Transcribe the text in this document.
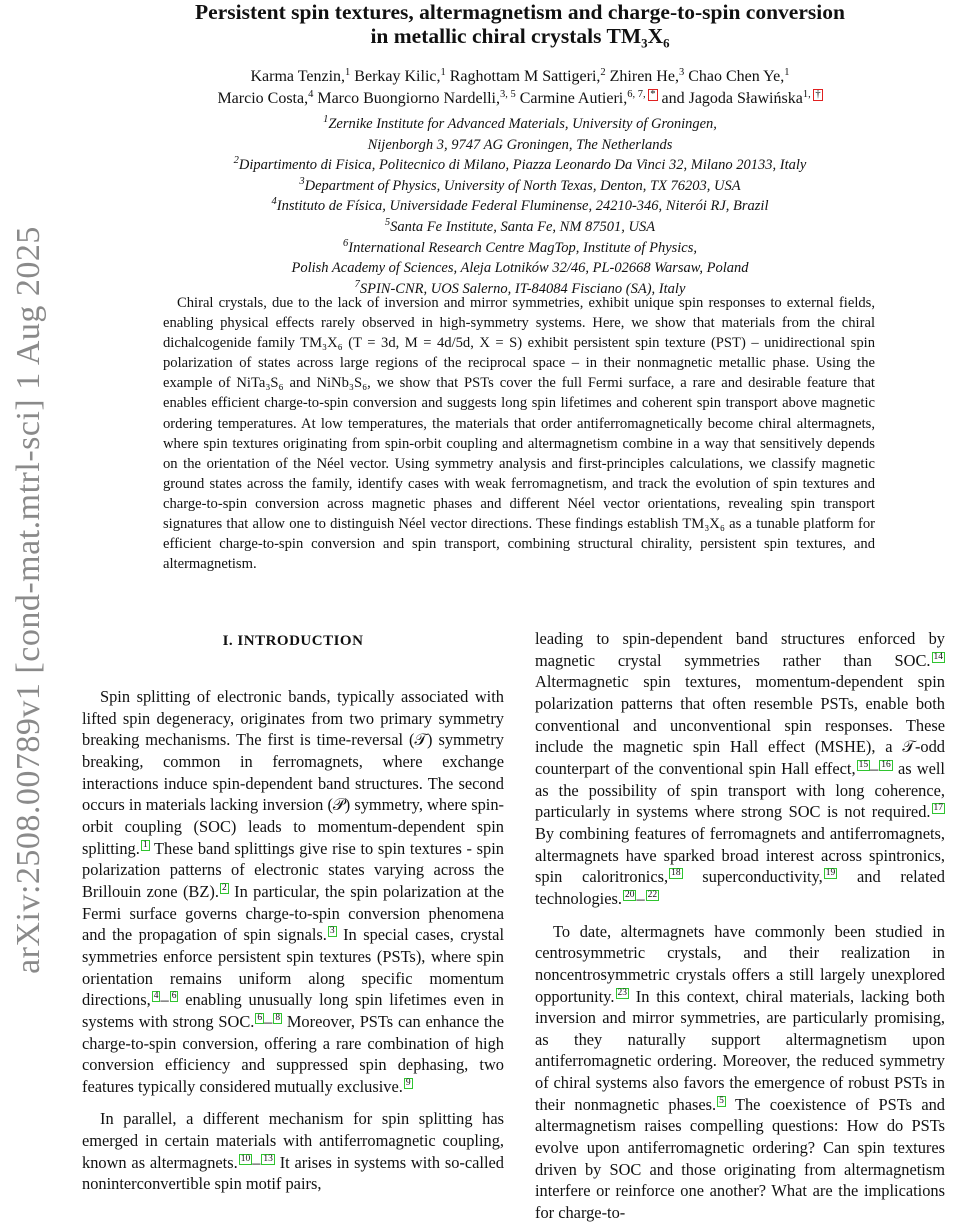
arXiv:2508.00789v1 [cond-mat.mtrl-sci] 1 Aug 2025
Persistent spin textures, altermagnetism and charge-to-spin conversion
in metallic chiral crystals TM₃X₆
Karma Tenzin,$^1$ Berkay Kilic,$^1$ Raghottam M Sattigeri,$^2$ Zhiren He,$^3$ Chao Chen Ye,$^1$
Marcio Costa,$^4$ Marco Buongiorno Nardelli,$^{3, 5}$ Carmine Autieri,$^{6, 7,}$ * and Jagoda Sławińska$^{1,}$ †
$^1$Zernike Institute for Advanced Materials, University of Groningen,
Nijenborgh 3, 9747 AG Groningen, The Netherlands
$^2$Dipartimento di Fisica, Politecnico di Milano, Piazza Leonardo Da Vinci 32, Milano 20133, Italy
$^3$Department of Physics, University of North Texas, Denton, TX 76203, USA
$^4$Instituto de Física, Universidade Federal Fluminense, 24210-346, Niterói RJ, Brazil
$^5$Santa Fe Institute, Santa Fe, NM 87501, USA
$^6$International Research Centre MagTop, Institute of Physics,
Polish Academy of Sciences, Aleja Lotników 32/46, PL-02668 Warsaw, Poland
$^7$SPIN-CNR, UOS Salerno, IT-84084 Fisciano (SA), Italy
Chiral crystals, due to the lack of inversion and mirror symmetries, exhibit unique spin responses to external fields, enabling physical effects rarely observed in high-symmetry systems. Here, we show that materials from the chiral dichalcogenide family TM₃X₆ (T = 3d, M = 4d/5d, X = S) exhibit persistent spin texture (PST) – unidirectional spin polarization of states across large regions of the reciprocal space – in their nonmagnetic metallic phase. Using the example of NiTa₃S₆ and NiNb₃S₆, we show that PSTs cover the full Fermi surface, a rare and desirable feature that enables efficient charge-to-spin conversion and suggests long spin lifetimes and coherent spin transport above magnetic ordering temperatures. At low temperatures, the materials that order antiferromagnetically become chiral altermagnets, where spin textures originating from spin-orbit coupling and altermagnetism combine in a way that sensitively depends on the orientation of the Néel vector. Using symmetry analysis and first-principles calculations, we classify magnetic ground states across the family, identify cases with weak ferromagnetism, and track the evolution of spin textures and charge-to-spin conversion across magnetic phases and different Néel vector orientations, revealing spin transport signatures that allow one to distinguish Néel vector directions. These findings establish TM₃X₆ as a tunable platform for efficient charge-to-spin conversion and spin transport, combining structural chirality, persistent spin textures, and altermagnetism.
I. INTRODUCTION

Spin splitting of electronic bands, typically associated with lifted spin degeneracy, originates from two primary symmetry breaking mechanisms. The first is time-reversal (𝒯) symmetry breaking, common in ferromagnets, where exchange interactions induce spin-dependent band structures. The second occurs in materials lacking inversion (𝒫) symmetry, where spin-orbit coupling (SOC) leads to momentum-dependent spin splitting. 1 These band splittings give rise to spin textures - spin polarization patterns of electronic states varying across the Brillouin zone (BZ). 2 In particular, the spin polarization at the Fermi surface governs charge-to-spin conversion phenomena and the propagation of spin signals. 3 In special cases, crystal symmetries enforce persistent spin textures (PSTs), where spin orientation remains uniform along specific momentum directions, 4 – 6 enabling unusually long spin lifetimes even in systems with strong SOC. 6 – 8 Moreover, PSTs can enhance the charge-to-spin conversion, offering a rare combination of high conversion efficiency and suppressed spin dephasing, two features typically considered mutually exclusive. 9

In parallel, a different mechanism for spin splitting has emerged in certain materials with antiferromagnetic coupling, known as altermagnets. 10 – 13 It arises in systems with so-called noninterconvertible spin motif pairs,

leading to spin-dependent band structures enforced by magnetic crystal symmetries rather than SOC. 14 Altermagnetic spin textures, momentum-dependent spin polarization patterns that often resemble PSTs, enable both conventional and unconventional spin responses. These include the magnetic spin Hall effect (MSHE), a 𝒯-odd counterpart of the conventional spin Hall effect, 15 – 16 as well as the possibility of spin transport with long coherence, particularly in systems where strong SOC is not required. 17 By combining features of ferromagnets and antiferromagnets, altermagnets have sparked broad interest across spintronics, spin caloritronics, 18 superconductivity, 19 and related technologies. 20 – 22

To date, altermagnets have commonly been studied in centrosymmetric crystals, and their realization in noncentrosymmetric crystals offers a still largely unexplored opportunity. 23 In this context, chiral materials, lacking both inversion and mirror symmetries, are particularly promising, as they naturally support altermagnetism upon antiferromagnetic ordering. Moreover, the reduced symmetry of chiral systems also favors the emergence of robust PSTs in their nonmagnetic phases. 5 The coexistence of PSTs and altermagnetism raises compelling questions: How do PSTs evolve upon antiferromagnetic ordering? Can spin textures driven by SOC and those originating from altermagnetism interfere or reinforce one another? What are the implications for charge-to-
